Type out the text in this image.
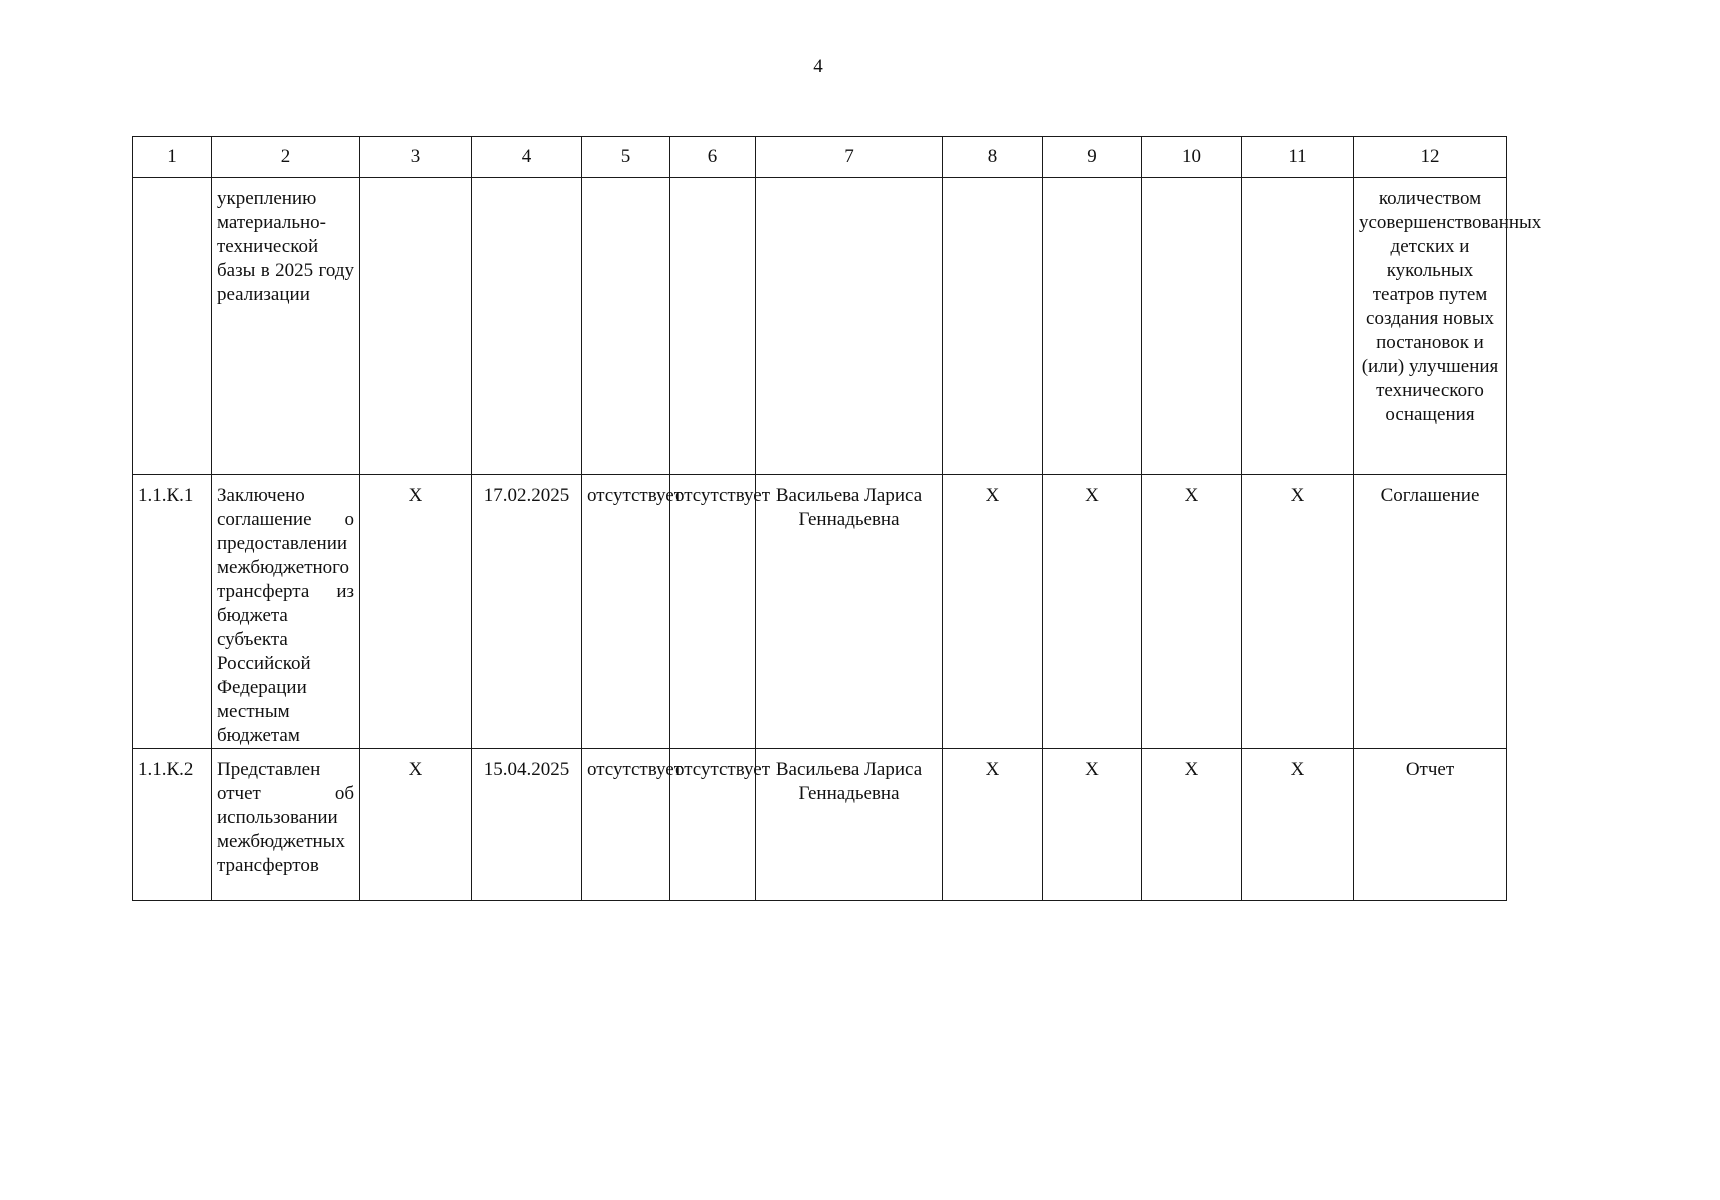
4
1	2	3	4	5	6	7	8	9	10	11	12
	укреплению материально-технической базы в 2025 году реализации										количеством усовершенствованных детских и кукольных театров путем создания новых постановок и (или) улучшения технического оснащения
1.1.К.1	Заключено соглашение о предоставлении межбюджетного трансферта из бюджета субъекта Российской Федерации местным бюджетам	Х	17.02.2025	отсутствует	отсутствует	Васильева Лариса Геннадьевна	Х	Х	Х	Х	Соглашение
1.1.К.2	Представлен отчет об использовании межбюджетных трансфертов	Х	15.04.2025	отсутствует	отсутствует	Васильева Лариса Геннадьевна	Х	Х	Х	Х	Отчет
